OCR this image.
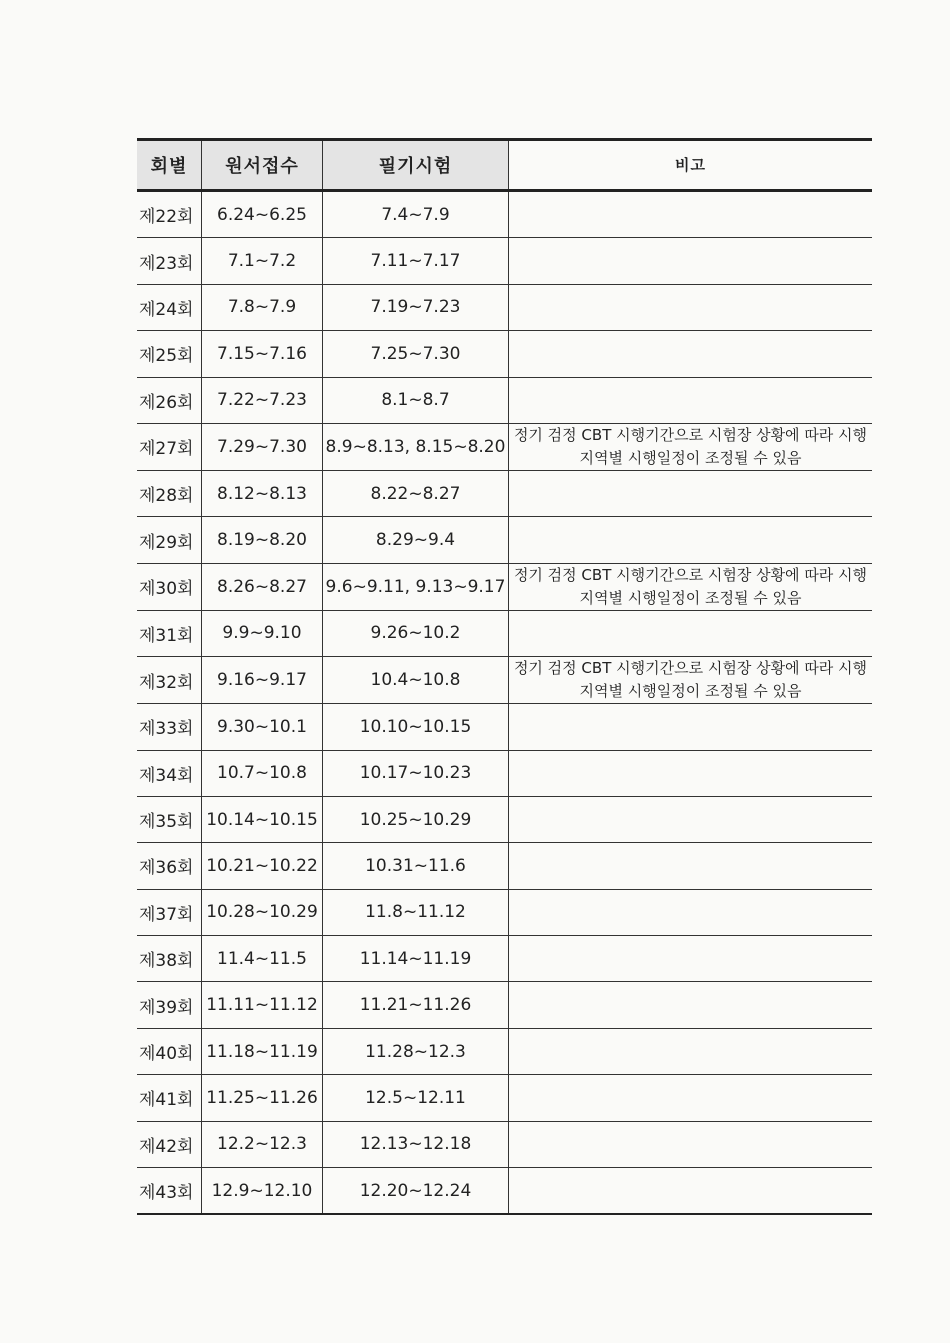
회별	원서접수	필기시험	비고
제22회	6.24~6.25	7.4~7.9	
제23회	7.1~7.2	7.11~7.17	
제24회	7.8~7.9	7.19~7.23	
제25회	7.15~7.16	7.25~7.30	
제26회	7.22~7.23	8.1~8.7	
제27회	7.29~7.30	8.9~8.13, 8.15~8.20	정기 검정 CBT 시행기간으로 시험장 상황에 따라 시행지역별 시행일정이 조정될 수 있음
제28회	8.12~8.13	8.22~8.27	
제29회	8.19~8.20	8.29~9.4	
제30회	8.26~8.27	9.6~9.11, 9.13~9.17	정기 검정 CBT 시행기간으로 시험장 상황에 따라 시행지역별 시행일정이 조정될 수 있음
제31회	9.9~9.10	9.26~10.2	
제32회	9.16~9.17	10.4~10.8	정기 검정 CBT 시행기간으로 시험장 상황에 따라 시행지역별 시행일정이 조정될 수 있음
제33회	9.30~10.1	10.10~10.15	
제34회	10.7~10.8	10.17~10.23	
제35회	10.14~10.15	10.25~10.29	
제36회	10.21~10.22	10.31~11.6	
제37회	10.28~10.29	11.8~11.12	
제38회	11.4~11.5	11.14~11.19	
제39회	11.11~11.12	11.21~11.26	
제40회	11.18~11.19	11.28~12.3	
제41회	11.25~11.26	12.5~12.11	
제42회	12.2~12.3	12.13~12.18	
제43회	12.9~12.10	12.20~12.24	
